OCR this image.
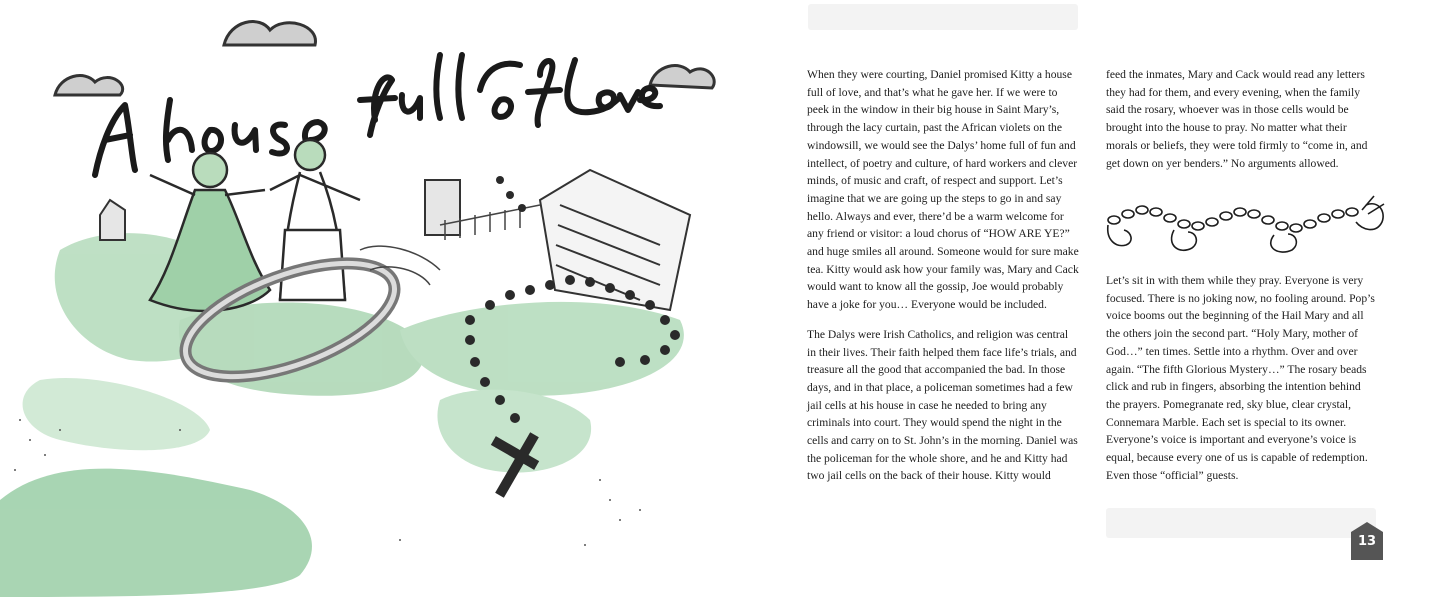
When they were courting, Daniel promised Kitty a house full of love, and that’s what he gave her. If we were to peek in the window in their big house in Saint Mary’s, through the lacy curtain, past the African violets on the windowsill, we would see the Dalys’ home full of fun and intellect, of poetry and culture, of hard workers and clever minds, of music and craft, of respect and support. Let’s imagine that we are going up the steps to go in and say hello. Always and ever, there’d be a warm welcome for any friend or visitor: a loud chorus of “HOW ARE YE?” and huge smiles all around. Someone would for sure make tea. Kitty would ask how your family was, Mary and Cack would want to know all the gossip, Joe would probably have a joke for you… Everyone would be included.

The Dalys were Irish Catholics, and religion was central in their lives. Their faith helped them face life’s trials, and treasure all the good that accompanied the bad. In those days, and in that place, a policeman sometimes had a few jail cells at his house in case he needed to bring any criminals into court. They would spend the night in the cells and carry on to St. John’s in the morning. Daniel was the policeman for the whole shore, and he and Kitty had two jail cells on the back of their house. Kitty would

feed the inmates, Mary and Cack would read any letters they had for them, and every evening, when the family said the rosary, whoever was in those cells would be brought into the house to pray. No matter what their morals or beliefs, they were told firmly to “come in, and get down on yer benders.” No arguments allowed.

Let’s sit in with them while they pray. Everyone is very focused. There is no joking now, no fooling around. Pop’s voice booms out the beginning of the Hail Mary and all the others join the second part. “Holy Mary, mother of God…” ten times. Settle into a rhythm. Over and over again. “The fifth Glorious Mystery…” The rosary beads click and rub in fingers, absorbing the intention behind the prayers. Pomegranate red, sky blue, clear crystal, Connemara Marble. Each set is special to its owner. Everyone’s voice is important and everyone’s voice is equal, because every one of us is capable of redemption. Even those “official” guests.

13
